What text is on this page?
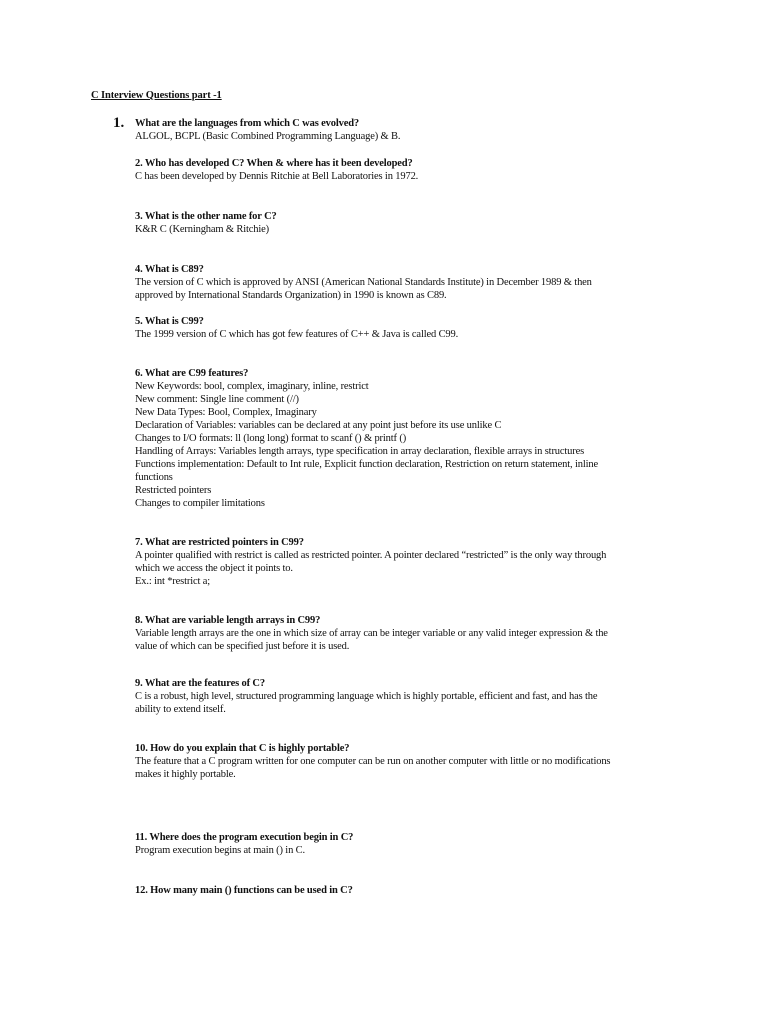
C Interview Questions part -1
1. What are the languages from which C was evolved?
ALGOL, BCPL (Basic Combined Programming Language) & B.
2. Who has developed C? When & where has it been developed?
C has been developed by Dennis Ritchie at Bell Laboratories in 1972.
3. What is the other name for C?
K&R C (Kerningham & Ritchie)
4. What is C89?
The version of C which is approved by ANSI (American National Standards Institute) in December 1989 & then
approved by International Standards Organization) in 1990 is known as C89.
5. What is C99?
The 1999 version of C which has got few features of C++ & Java is called C99.
6. What are C99 features?
New Keywords: bool, complex, imaginary, inline, restrict
New comment: Single line comment (//)
New Data Types: Bool, Complex, Imaginary
Declaration of Variables: variables can be declared at any point just before its use unlike C
Changes to I/O formats: ll (long long) format to scanf () & printf ()
Handling of Arrays: Variables length arrays, type specification in array declaration, flexible arrays in structures
Functions implementation: Default to Int rule, Explicit function declaration, Restriction on return statement, inline
functions
Restricted pointers
Changes to compiler limitations
7. What are restricted pointers in C99?
A pointer qualified with restrict is called as restricted pointer. A pointer declared “restricted” is the only way through
which we access the object it points to.
Ex.: int *restrict a;
8. What are variable length arrays in C99?
Variable length arrays are the one in which size of array can be integer variable or any valid integer expression & the
value of which can be specified just before it is used.
9. What are the features of C?
C is a robust, high level, structured programming language which is highly portable, efficient and fast, and has the
ability to extend itself.
10. How do you explain that C is highly portable?
The feature that a C program written for one computer can be run on another computer with little or no modifications
makes it highly portable.
11. Where does the program execution begin in C?
Program execution begins at main () in C.
12. How many main () functions can be used in C?
